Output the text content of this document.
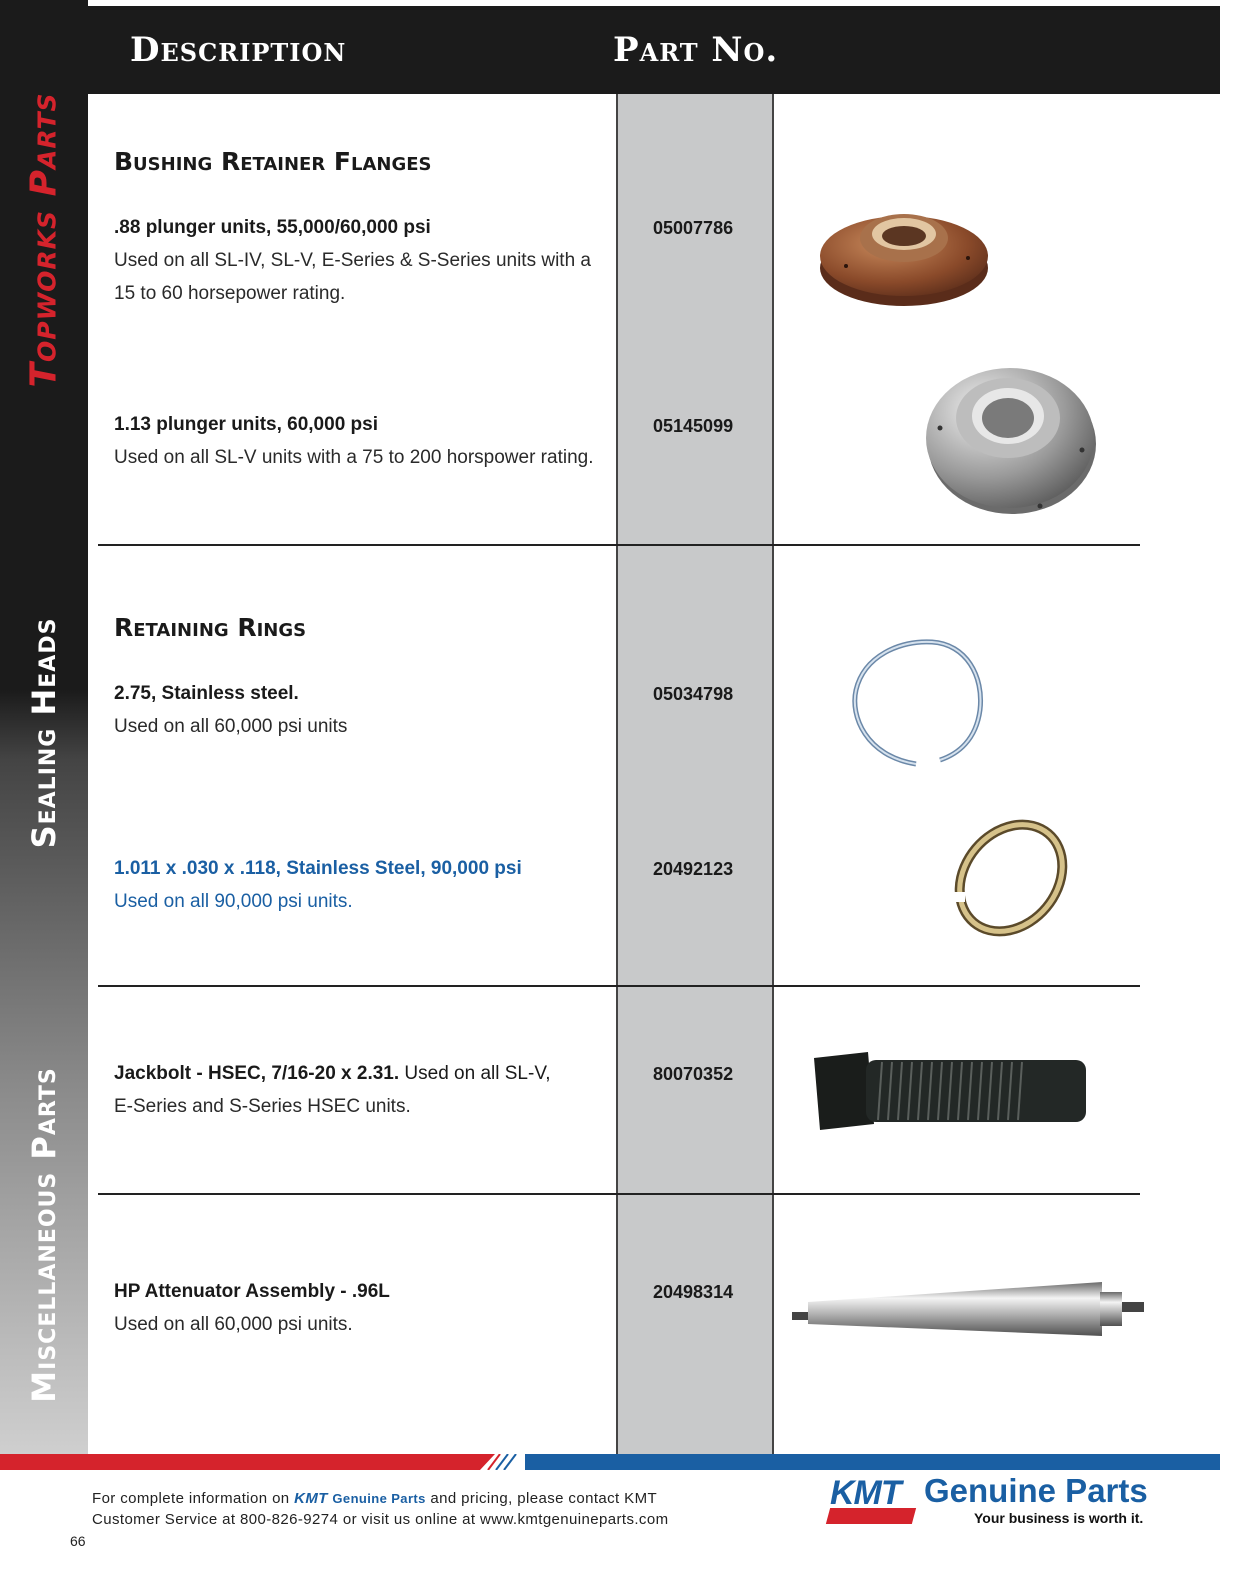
Topworks Parts
Sealing Heads
Miscellaneous Parts
Description	Part No.
Bushing Retainer Flanges
.88 plunger units, 55,000/60,000 psi
Used on all SL-IV, SL-V, E-Series & S-Series units with a
15 to 60 horsepower rating.
05007786
1.13 plunger units, 60,000 psi
Used on all SL-V units with a 75 to 200 horspower rating.
05145099
Retaining Rings
2.75, Stainless steel.
Used on all 60,000 psi units
05034798
1.011 x .030 x .118, Stainless Steel, 90,000 psi
Used on all 90,000 psi units.
20492123
Jackbolt - HSEC, 7/16-20 x 2.31. Used on all SL-V,
E-Series and S-Series HSEC units.
80070352
HP Attenuator Assembly - .96L
Used on all 60,000 psi units.
20498314
For complete information on KMT Genuine Parts and pricing, please contact KMT
Customer Service at 800-826-9274 or visit us online at www.kmtgenuineparts.com
66
KMT Genuine Parts
Your business is worth it.
